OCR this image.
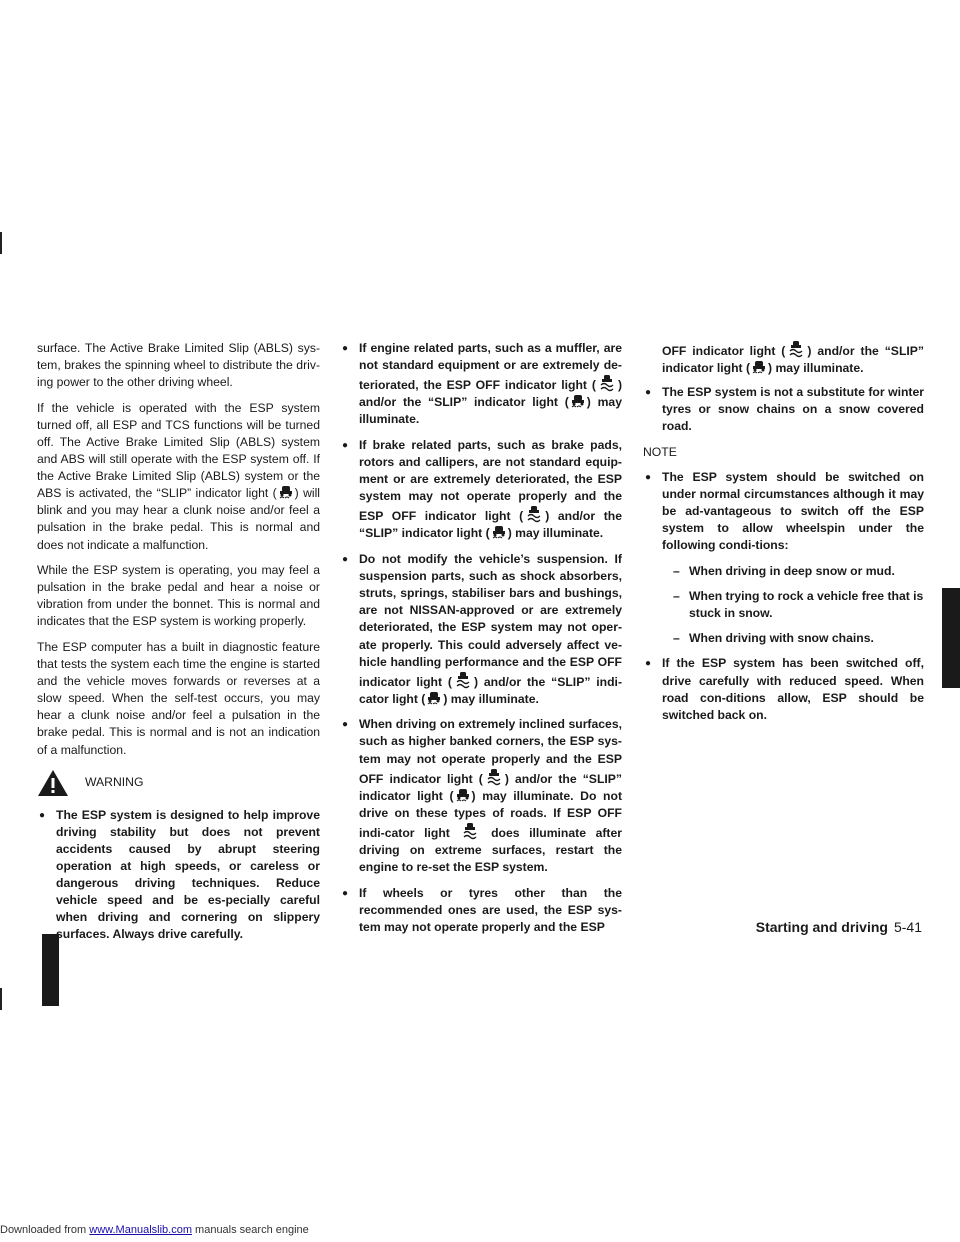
surface. The Active Brake Limited Slip (ABLS) sys-tem, brakes the spinning wheel to distribute the driv-ing power to the other driving wheel.

If the vehicle is operated with the ESP system turned off, all ESP and TCS functions will be turned off. The Active Brake Limited Slip (ABLS) system and ABS will still operate with the ESP system off. If the Active Brake Limited Slip (ABLS) system or the ABS is activated, the “SLIP” indicator light ( ) will blink and you may hear a clunk noise and/or feel a pulsation in the brake pedal. This is normal and does not indicate a malfunction.

While the ESP system is operating, you may feel a pulsation in the brake pedal and hear a noise or vibration from under the bonnet. This is normal and indicates that the ESP system is working properly.

The ESP computer has a built in diagnostic feature that tests the system each time the engine is started and the vehicle moves forwards or reverses at a slow speed. When the self-test occurs, you may hear a clunk noise and/or feel a pulsation in the brake pedal. This is normal and is not an indication of a malfunction.

WARNING
● The ESP system is designed to help improve driving stability but does not prevent accidents caused by abrupt steering operation at high speeds, or careless or dangerous driving techniques. Reduce vehicle speed and be es-pecially careful when driving and cornering on slippery surfaces. Always drive carefully.
● If engine related parts, such as a muffler, are not standard equipment or are extremely de-teriorated, the ESP OFF indicator light ( ) and/or the “SLIP” indicator light ( ) may illuminate.
● If brake related parts, such as brake pads, rotors and callipers, are not standard equip-ment or are extremely deteriorated, the ESP system may not operate properly and the ESP OFF indicator light ( ) and/or the “SLIP” indicator light ( ) may illuminate.
● Do not modify the vehicle’s suspension. If suspension parts, such as shock absorbers, struts, springs, stabiliser bars and bushings, are not NISSAN-approved or are extremely deteriorated, the ESP system may not oper-ate properly. This could adversely affect ve-hicle handling performance and the ESP OFF indicator light ( ) and/or the “SLIP” indi-cator light ( ) may illuminate.
● When driving on extremely inclined surfaces, such as higher banked corners, the ESP sys-tem may not operate properly and the ESP OFF indicator light ( ) and/or the “SLIP” indicator light ( ) may illuminate. Do not drive on these types of roads. If ESP OFF indi-cator light	does illuminate after driving on extreme surfaces, restart the engine to re-set the ESP system.
● If wheels or tyres other than the recommended ones are used, the ESP sys-tem may not operate properly and the ESP
OFF indicator light ( ) and/or the “SLIP” indicator light ( ) may illuminate.
● The ESP system is not a substitute for winter tyres or snow chains on a snow covered road.

NOTE

● The ESP system should be switched on under normal circumstances although it may be ad-vantageous to switch off the ESP system to allow wheelspin under the following condi-tions:
– When driving in deep snow or mud.
– When trying to rock a vehicle free that is stuck in snow.
– When driving with snow chains.
● If the ESP system has been switched off, drive carefully with reduced speed. When road con-ditions allow, ESP should be switched back on.
Starting and driving 5-41
Downloaded from www.Manualslib.com manuals search engine
